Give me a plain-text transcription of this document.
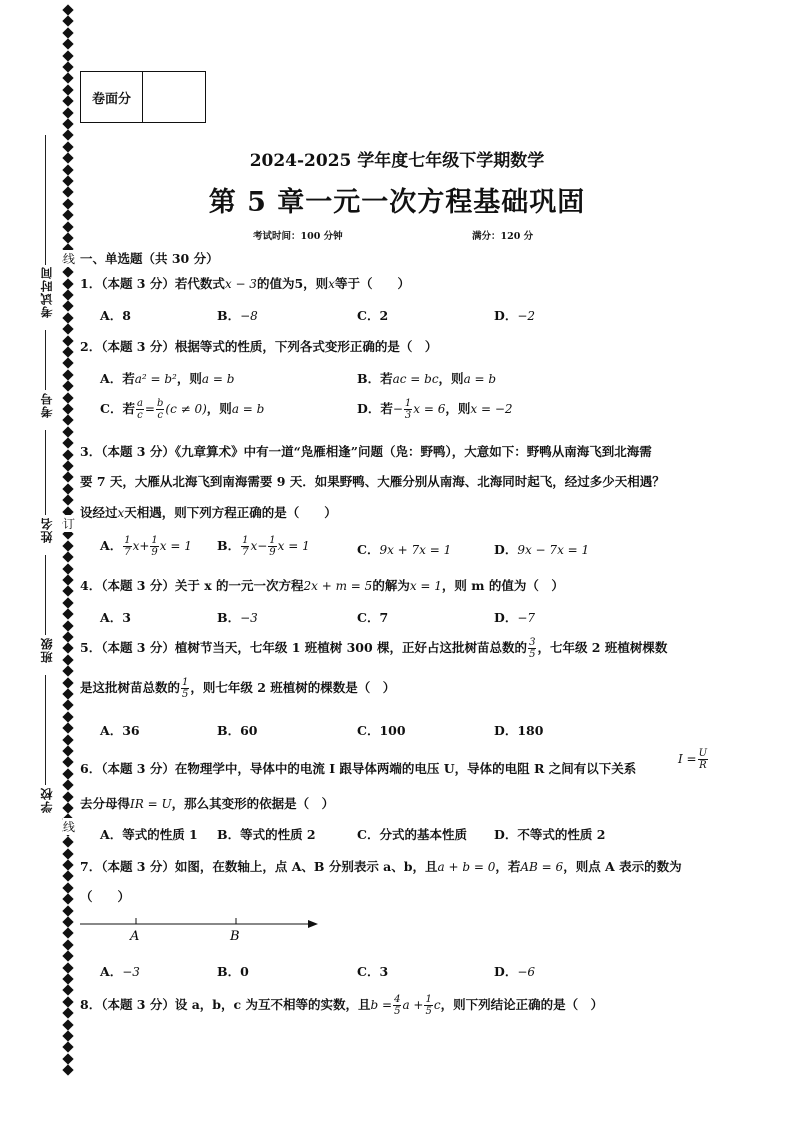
考试时间
考号
姓名
班级
学校
线
订
线
卷面分
2024-2025 学年度七年级下学期数学
第 5 章一元一次方程基础巩固
考试时间：100 分钟	满分：120 分
一、单选题（共 30 分）
1．（本题 3 分）若代数式x − 3的值为5，则x等于（　　）
A．8	B．−8	C．2	D．−2
2．（本题 3 分）根据等式的性质，下列各式变形正确的是（　）
A．若a² = b²，则a = b	B．若ac = bc，则a = b
C．若 $\frac{a}{c} = \frac{b}{c} (c \ne 0)$，则a = b	D．若− $\frac{1}{3}$ x = 6，则x = −2
3．（本题 3 分）《九章算术》中有一道“凫雁相逢”问题（凫：野鸭），大意如下：野鸭从南海飞到北海需
要 7 天，大雁从北海飞到南海需要 9 天．如果野鸭、大雁分别从南海、北海同时起飞，经过多少天相遇？
设经过x天相遇，则下列方程正确的是（　　）
A． $\frac{1}{7} x+ \frac{1}{9}$ x = 1 B． $\frac{1}{7} x- \frac{1}{9}$ x = 1	C．9x + 7x = 1	D．9x − 7x = 1
4．（本题 3 分）关于 x 的一元一次方程2x + m = 5的解为x = 1，则 m 的值为（　）
A．3	B．−3	C．7	D．−7
5．（本题 3 分）植树节当天，七年级 1 班植树 300 棵，正好占这批树苗总数的 $\frac{3}{5}$ ，七年级 2 班植树棵数
是这批树苗总数的 $\frac{1}{5}$ ，则七年级 2 班植树的棵数是（　）
A．36	B．60	C．100	D．180
6．（本题 3 分）在物理学中，导体中的电流 I 跟导体两端的电压 U，导体的电阻 R 之间有以下关系
$I = \frac{U}{R}$
去分母得IR = U，那么其变形的依据是（　）
A．等式的性质 1 B．等式的性质 2	C．分式的基本性质 D．不等式的性质 2
7．（本题 3 分）如图，在数轴上，点 A、B 分别表示 a、b，且a + b = 0，若AB = 6，则点 A 表示的数为
（　　）
A	B
A．−3	B．0	C．3	D．−6
8．（本题 3 分）设 a，b，c 为互不相等的实数，且$b = \frac{4}{5}$ $a + \frac{1}{5}$ c，则下列结论正确的是（　）
